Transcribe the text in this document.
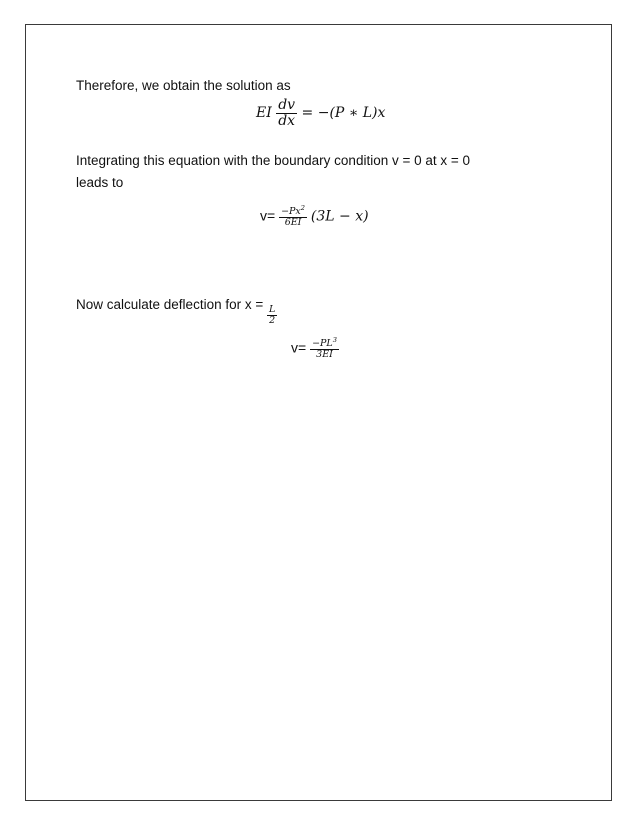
Therefore, we obtain the solution as
EI $\frac{dv}{dx} = -(P$ ∗ L)x
Integrating this equation with the boundary condition v = 0 at x = 0
leads to
$v= \frac{-Px^2}{6EI} (3L - x)$
Now calculate deflection for x =
$\frac{L}{2}$
$v= \frac{-PL^3}{3EI}$
